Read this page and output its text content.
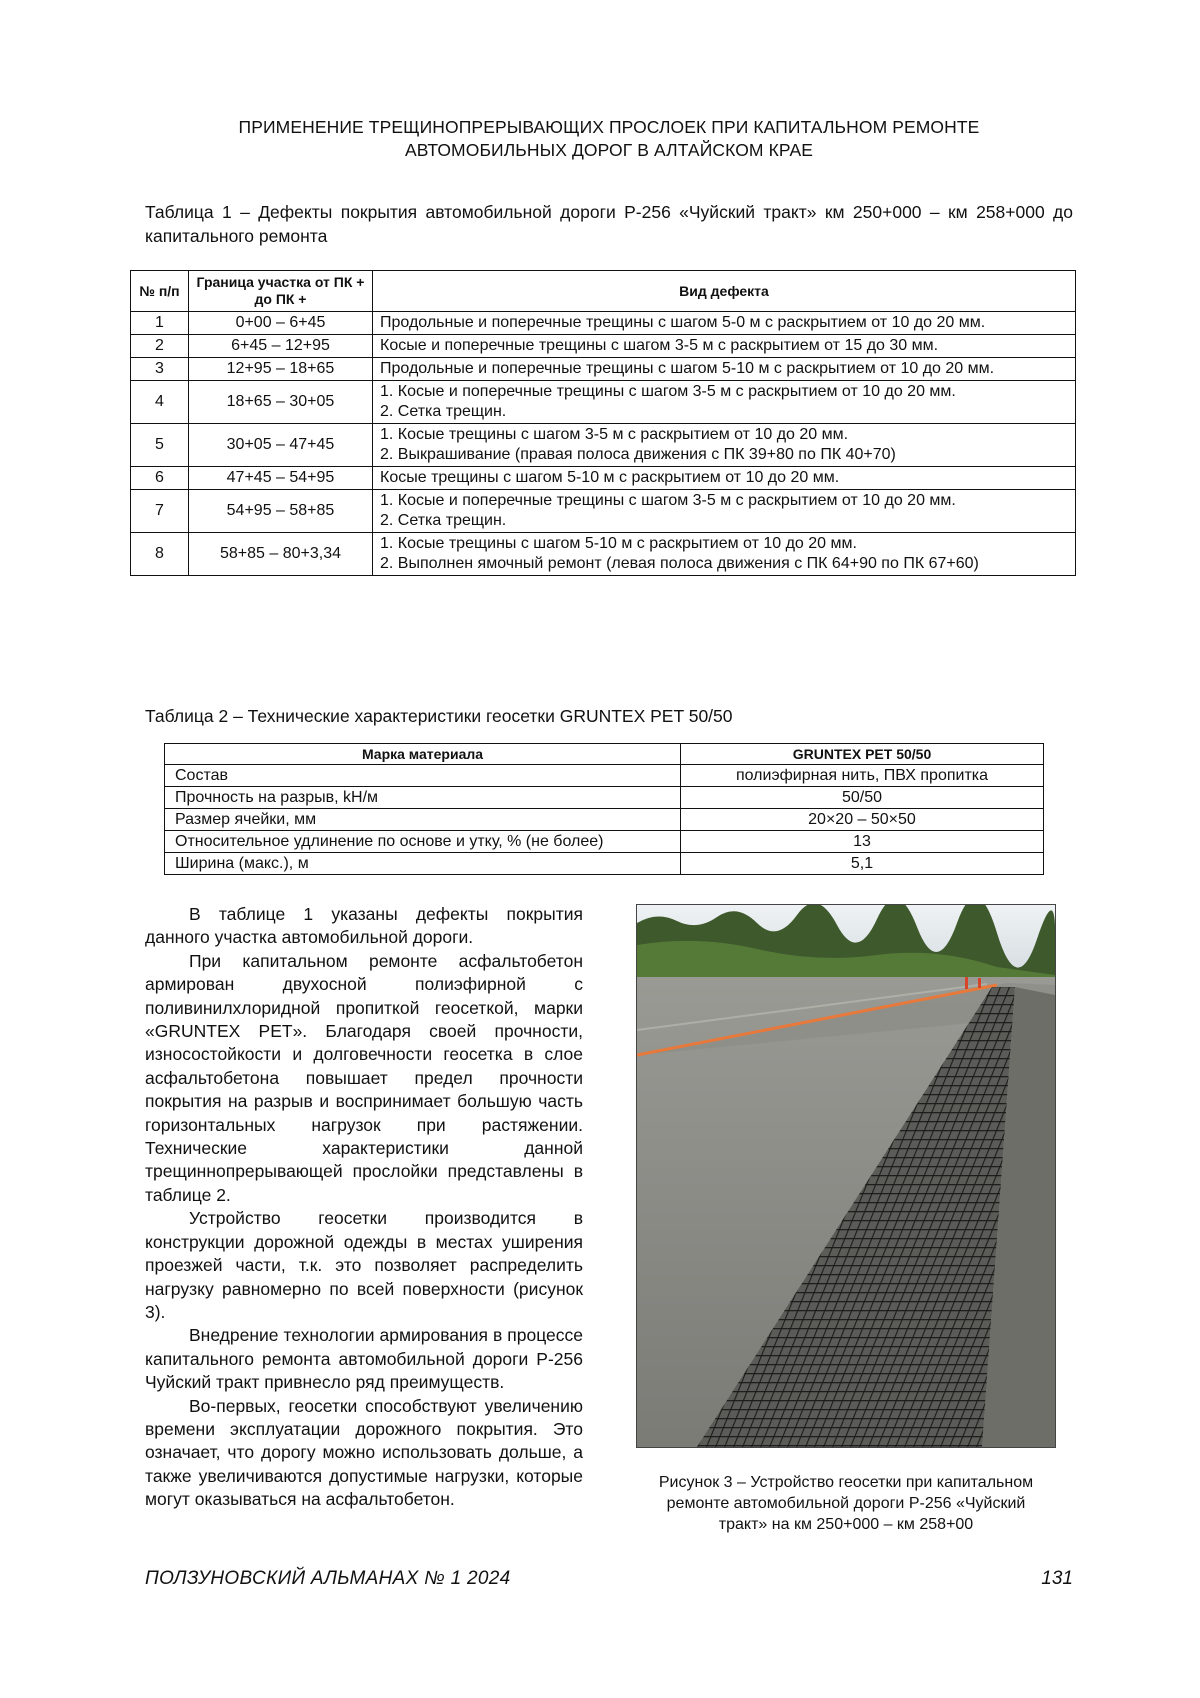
ПРИМЕНЕНИЕ ТРЕЩИНОПРЕРЫВАЮЩИХ ПРОСЛОЕК ПРИ КАПИТАЛЬНОМ РЕМОНТЕ
АВТОМОБИЛЬНЫХ ДОРОГ В АЛТАЙСКОМ КРАЕ
Таблица 1 – Дефекты покрытия автомобильной дороги Р-256 «Чуйский тракт» км 250+000 – км 258+000 до капитального ремонта
№ п/п	Граница участка от ПК + до ПК +	Вид дефекта
1	0+00 – 6+45	Продольные и поперечные трещины с шагом 5-0 м с раскрытием от 10 до 20 мм.

2	6+45 – 12+95	Косые и поперечные трещины с шагом 3-5 м с раскрытием от 15 до 30 мм.

3	12+95 – 18+65	Продольные и поперечные трещины с шагом 5-10 м с раскрытием от 10 до 20 мм.

4	18+65 – 30+05	1. Косые и поперечные трещины с шагом 3-5 м с раскрытием от 10 до 20 мм.
2. Сетка трещин.

5	30+05 – 47+45	1. Косые трещины с шагом 3-5 м с раскрытием от 10 до 20 мм.
2. Выкрашивание (правая полоса движения с ПК 39+80 по ПК 40+70)

6	47+45 – 54+95	Косые трещины с шагом 5-10 м с раскрытием от 10 до 20 мм.

7	54+95 – 58+85	1. Косые и поперечные трещины с шагом 3-5 м с раскрытием от 10 до 20 мм.
2. Сетка трещин.

8	58+85 – 80+3,34	1. Косые трещины с шагом 5-10 м с раскрытием от 10 до 20 мм.
2. Выполнен ямочный ремонт (левая полоса движения с ПК 64+90 по ПК 67+60)
Таблица 2 – Технические характеристики геосетки GRUNTEX PET 50/50
Марка материала	GRUNTEX PET 50/50
Состав	полиэфирная нить, ПВХ пропитка
Прочность на разрыв, kН/м	50/50
Размер ячейки, мм	20×20 – 50×50
Относительное удлинение по основе и утку, % (не более)	13
Ширина (макс.), м	5,1

В таблице 1 указаны дефекты покрытия данного участка автомобильной дороги.

При капитальном ремонте асфальтобетон армирован двухосной полиэфирной с поливинилхлоридной пропиткой геосеткой, марки «GRUNTEX PET». Благодаря своей прочности, износостойкости и долговечности геосетка в слое асфальтобетона повышает предел прочности покрытия на разрыв и воспринимает большую часть горизонтальных нагрузок при растяжении. Технические характеристики данной трещиннопрерывающей прослойки представлены в таблице 2.

Устройство геосетки производится в конструкции дорожной одежды в местах уширения проезжей части, т.к. это позволяет распределить нагрузку равномерно по всей поверхности (рисунок 3).

Внедрение технологии армирования в процессе капитального ремонта автомобильной дороги Р-256 Чуйский тракт привнесло ряд преимуществ.

Во-первых, геосетки способствуют увеличению времени эксплуатации дорожного покрытия. Это означает, что дорогу можно использовать дольше, а также увеличиваются допустимые нагрузки, которые могут оказываться на асфальтобетон.

Рисунок 3 – Устройство геосетки при капитальном
ремонте автомобильной дороги Р-256 «Чуйский
тракт» на км 250+000 – км 258+00
ПОЛЗУНОВСКИЙ АЛЬМАНАХ № 1 2024	131
